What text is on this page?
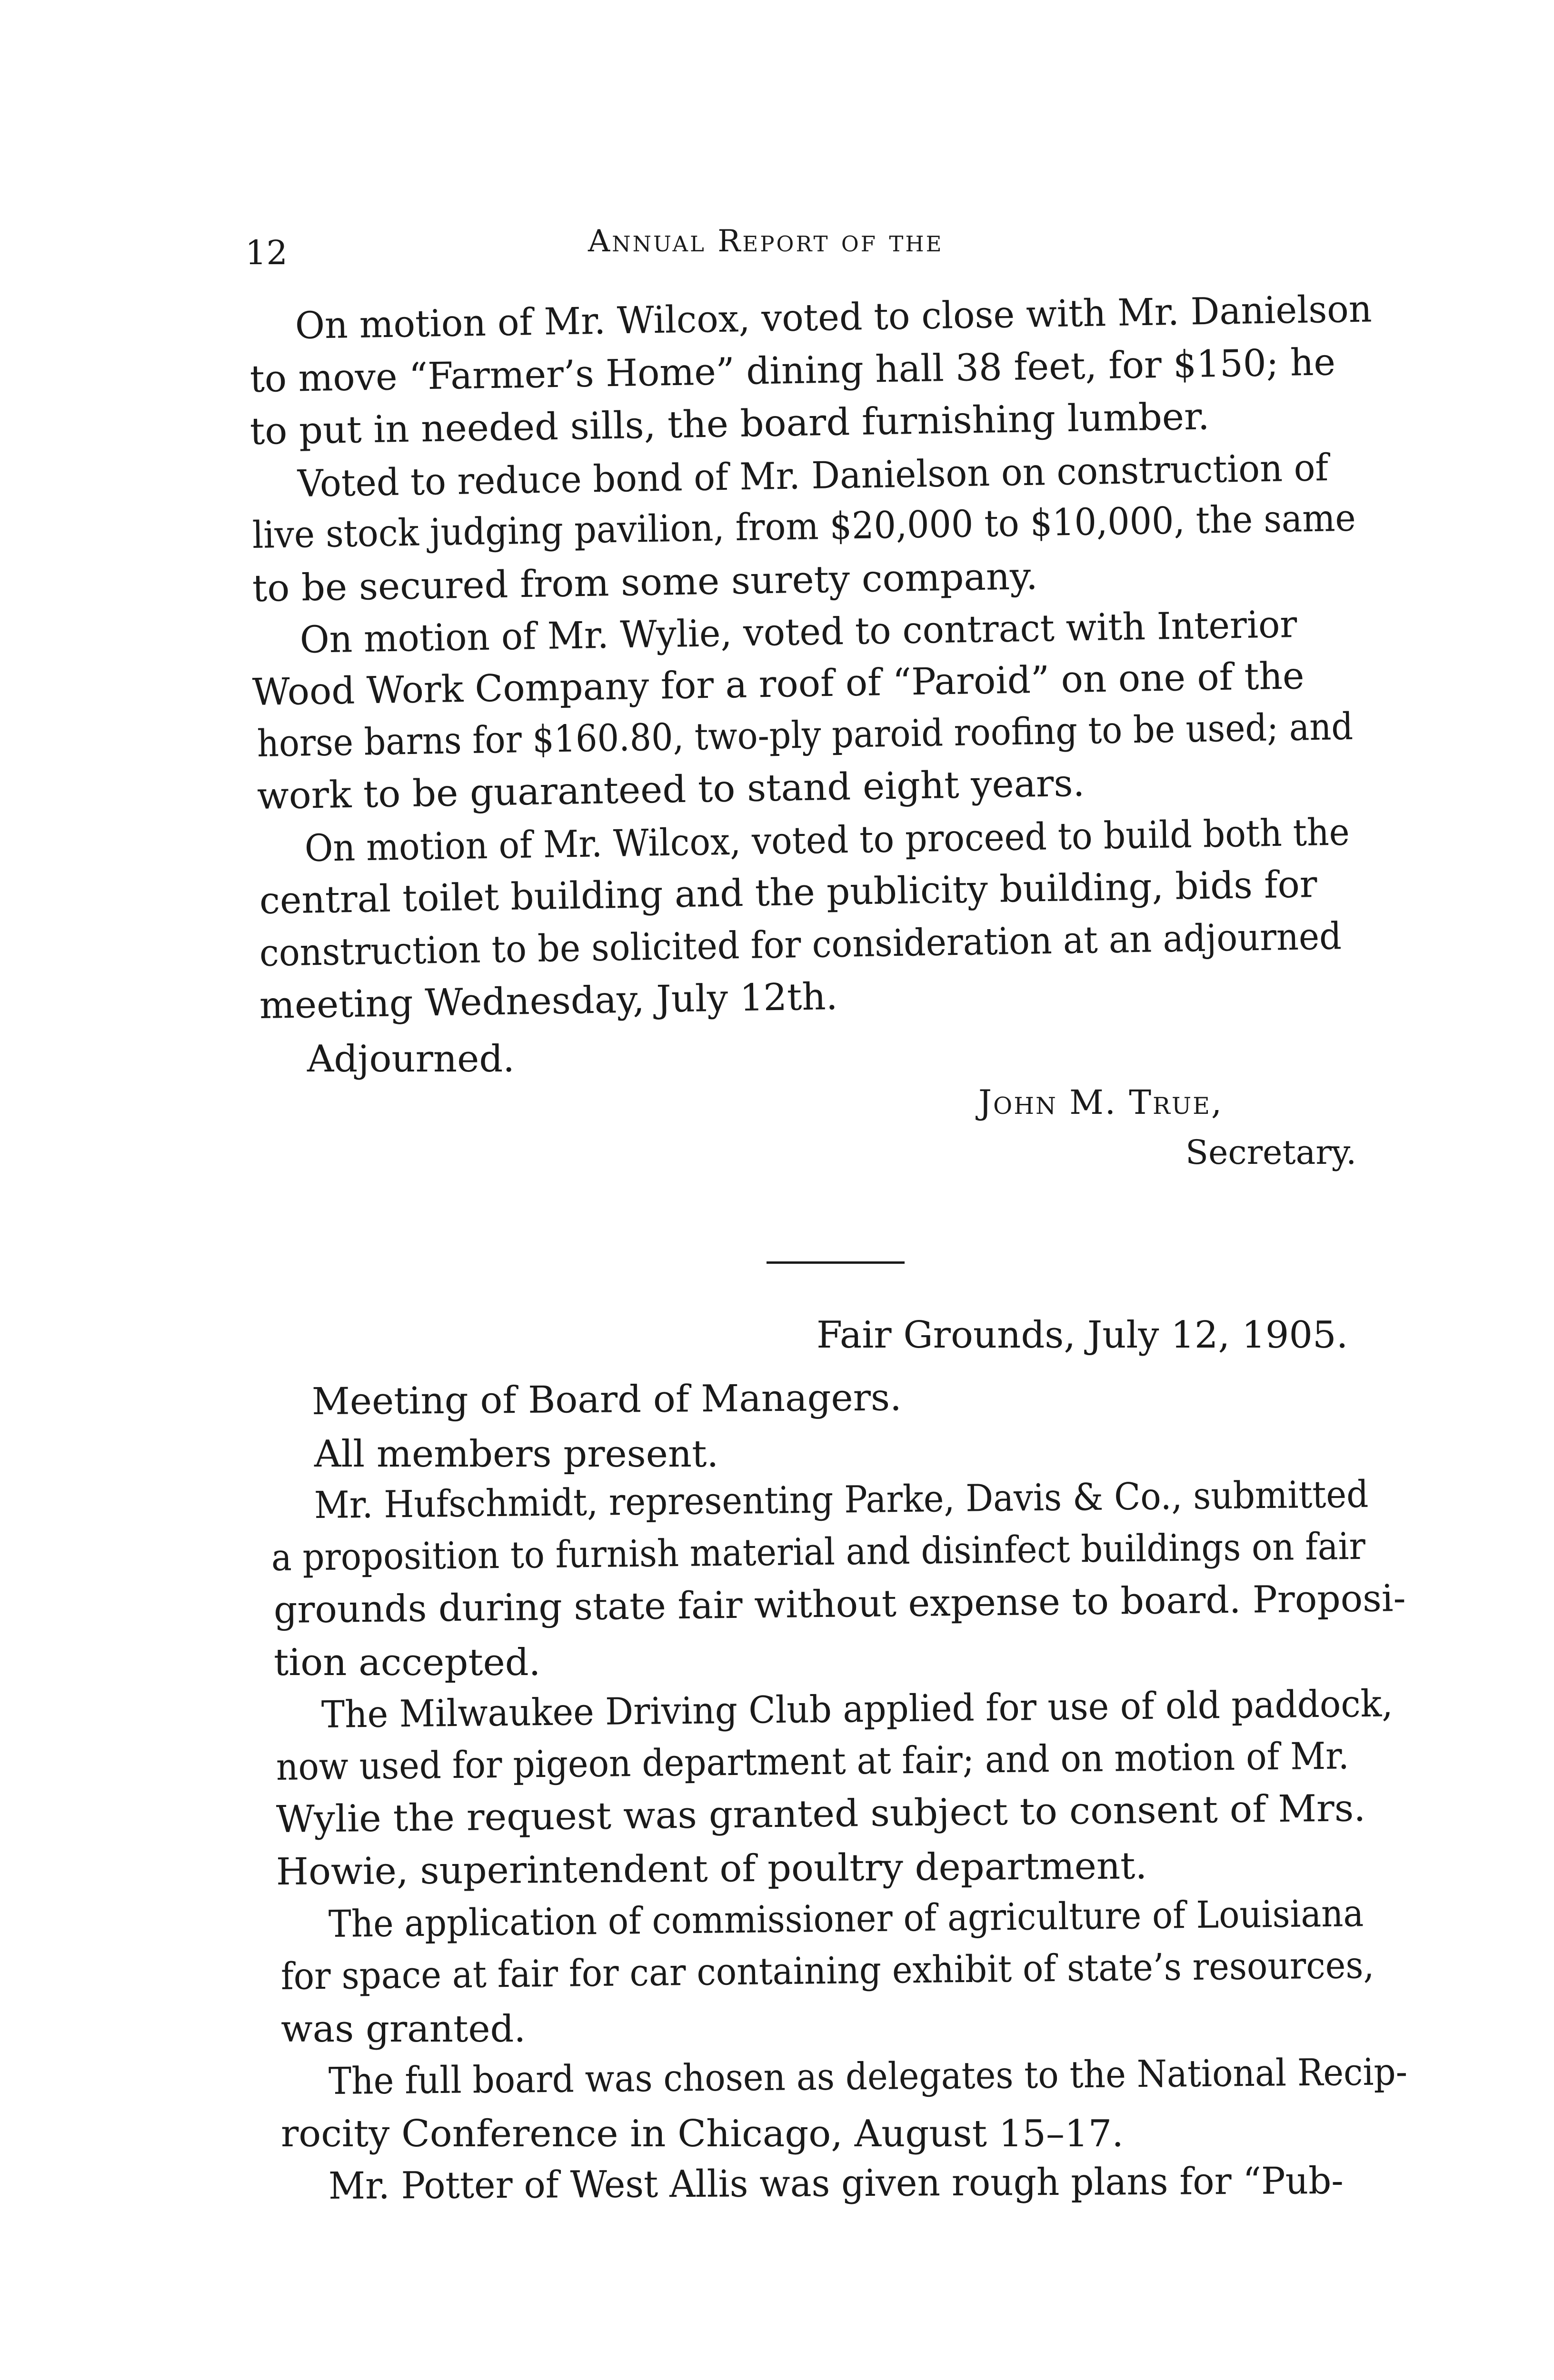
12	Annual Report of the
On motion of Mr. Wilcox, voted to close with Mr. Danielson
to move “Farmer’s Home” dining hall 38 feet, for $150; he
to put in needed sills, the board furnishing lumber.
Voted to reduce bond of Mr. Danielson on construction of
live stock judging pavilion, from $20,000 to $10,000, the same
to be secured from some surety company.
On motion of Mr. Wylie, voted to contract with Interior
Wood Work Company for a roof of “Paroid” on one of the
horse barns for $160.80, two-ply paroid roofing to be used; and
work to be guaranteed to stand eight years.
On motion of Mr. Wilcox, voted to proceed to build both the
central toilet building and the publicity building, bids for
construction to be solicited for consideration at an adjourned
meeting Wednesday, July 12th.
Adjourned.
John M. True,
Secretary.
Fair Grounds, July 12, 1905.
Meeting of Board of Managers.
All members present.
Mr. Hufschmidt, representing Parke, Davis & Co., submitted
a proposition to furnish material and disinfect buildings on fair
grounds during state fair without expense to board. Proposi-
tion accepted.
The Milwaukee Driving Club applied for use of old paddock,
now used for pigeon department at fair; and on motion of Mr.
Wylie the request was granted subject to consent of Mrs.
Howie, superintendent of poultry department.
The application of commissioner of agriculture of Louisiana
for space at fair for car containing exhibit of state’s resources,
was granted.
The full board was chosen as delegates to the National Recip-
rocity Conference in Chicago, August 15–17.
Mr. Potter of West Allis was given rough plans for “Pub-
